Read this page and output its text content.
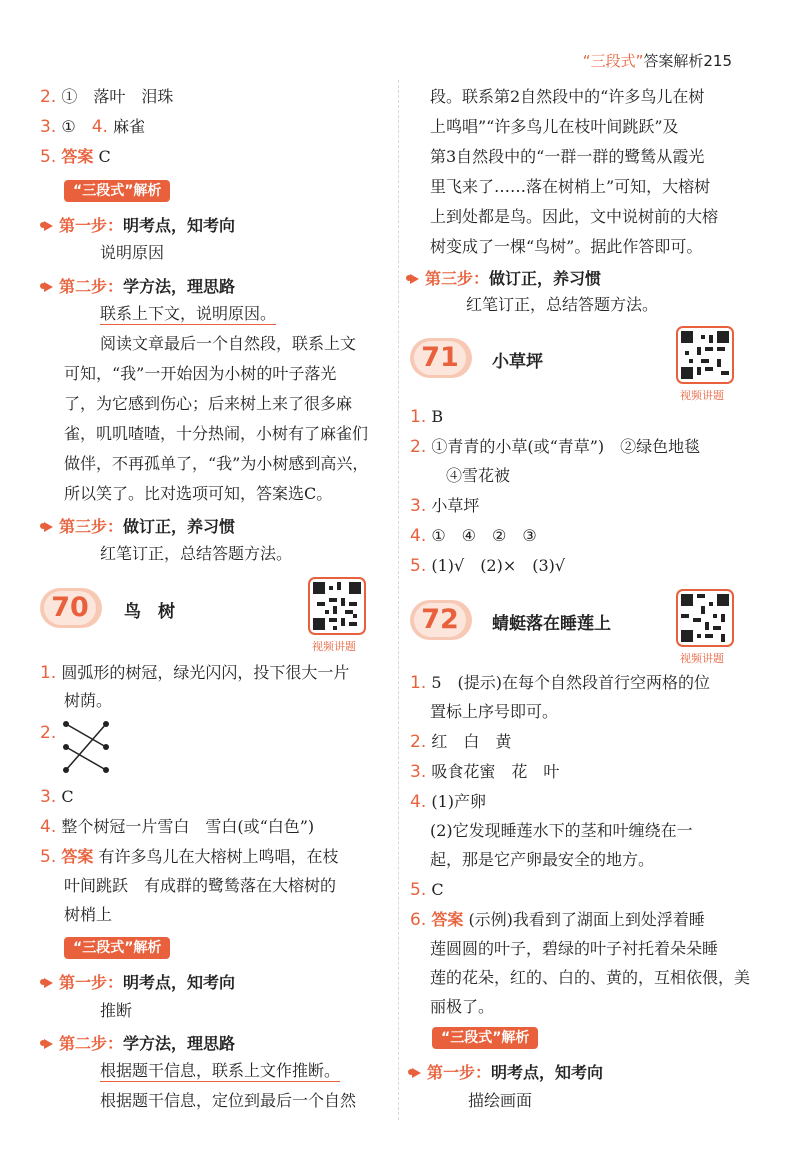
“三段式”答案解析215
2. ①　落叶　泪珠
3. ①　 4. 麻雀
5. 答案 C
“三段式”解析
第一步：明考点，知考向
说明原因
第二步：学方法，理思路
联系上下文，说明原因。
阅读文章最后一个自然段，联系上文
可知，“我”一开始因为小树的叶子落光
了，为它感到伤心；后来树上来了很多麻
雀，叽叽喳喳，十分热闹，小树有了麻雀们
做伴，不再孤单了，“我”为小树感到高兴，
所以笑了。比对选项可知，答案选C。
第三步：做订正，养习惯
红笔订正，总结答题方法。
70	鸟　树
视频讲题
1. 圆弧形的树冠，绿光闪闪，投下很大一片
树荫。
2.
3. C
4. 整个树冠一片雪白　雪白(或“白色”)
5. 答案 有许多鸟儿在大榕树上鸣唱，在枝
叶间跳跃　有成群的鹭鸶落在大榕树的
树梢上
“三段式”解析
第一步：明考点，知考向
推断
第二步：学方法，理思路
根据题干信息，联系上文作推断。
根据题干信息，定位到最后一个自然
段。联系第2自然段中的“许多鸟儿在树
上鸣唱”“许多鸟儿在枝叶间跳跃”及
第3自然段中的“一群一群的鹭鸶从霞光
里飞来了……落在树梢上”可知，大榕树
上到处都是鸟。因此，文中说树前的大榕
树变成了一棵“鸟树”。据此作答即可。
第三步：做订正，养习惯
红笔订正，总结答题方法。
71	小草坪
视频讲题
1. B
2. ①青青的小草(或“青草”)　②绿色地毯
④雪花被
3. 小草坪
4. ①　④　②　③
5. (1)√　(2)×　(3)√
72	蜻蜓落在睡莲上
视频讲题
1. 5　(提示)在每个自然段首行空两格的位
置标上序号即可。
2. 红　白　黄
3. 吸食花蜜　花　叶
4. (1)产卵
(2)它发现睡莲水下的茎和叶缠绕在一
起，那是它产卵最安全的地方。
5. C
6. 答案 (示例)我看到了湖面上到处浮着睡
莲圆圆的叶子，碧绿的叶子衬托着朵朵睡
莲的花朵，红的、白的、黄的，互相依偎，美
丽极了。
“三段式”解析
第一步：明考点，知考向
描绘画面
